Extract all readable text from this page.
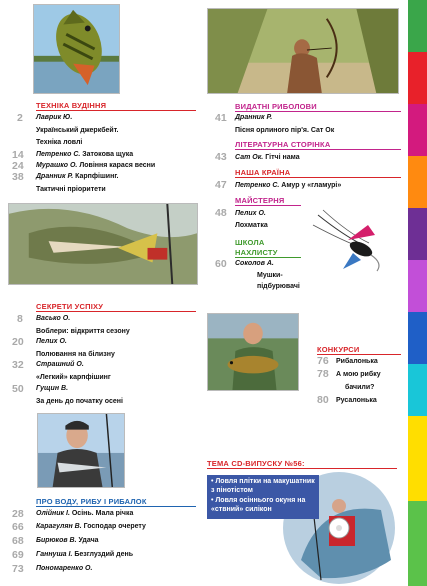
ТЕХНІКА ВУДІННЯ
2 Лаврик Ю.
Український джеркбейт.
Техніка ловлі
14 Петренко С. Затокова щука
24 Мурашко О. Ловіння карася весни
38 Дранник Р. Карпфішинг.
Тактичні пріоритети
СЕКРЕТИ УСПІХУ
8 Васько О.
Воблери: відкриття сезону
20 Пелих О.
Полювання на білизну
32 Страшний О.
«Легкий» карпфішинг
50 Гущин В.
За день до початку осені
ПРО ВОДУ, РИБУ І РИБАЛОК
28 Олійник І. Осінь. Мала річка
66 Карагулян В. Господар очерету
68 Бирюков В. Удача
69 Ганнуша І. Безглуздий день
73 Пономаренко О.
ВИДАТНІ РИБОЛОВИ
41 Дранник Р.
Пісня орлиного пір'я. Сат Ок
ЛІТЕРАТУРНА СТОРІНКА
43 Сат Ок. Гітчі нама
НАША КРАЇНА
47 Петренко С. Амур у «гламурі»
МАЙСТЕРНЯ
48 Пелих О.
Лохматка
ШКОЛА
НАХЛИСТУ
60 Соколов А.
Мушки-
підбурювачі
КОНКУРСИ
76 Рибалонька
78 А мою рибку
бачили?
80 Русалонька
ТЕМА CD-ВИПУСКУ №56:
• Ловля плітки на макушатник з пінотістом
• Ловля осіннього окуня на «ствний» силікон
